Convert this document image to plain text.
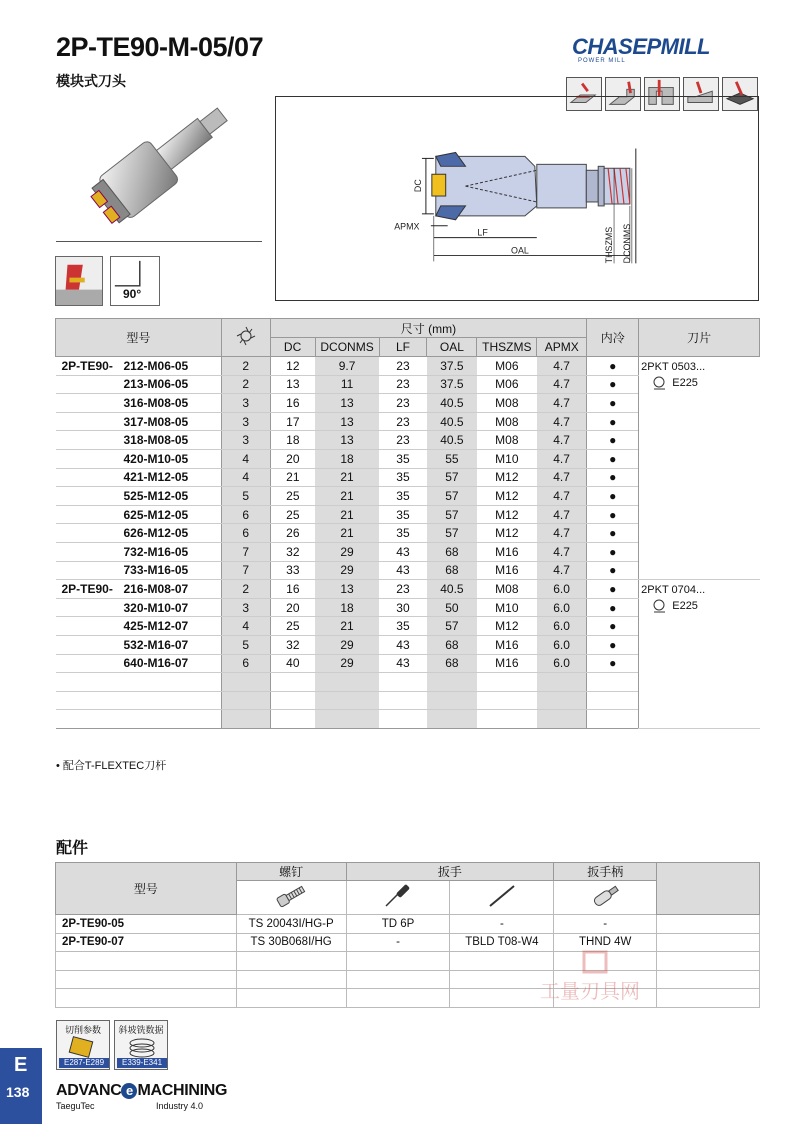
2P-TE90-M-05/07
模块式刀头
CHASEPMILL
POWER MILL
90°
DC
APMX
LF
OAL	THSZMS DCONMS
型号		尺寸 (mm)						内冷	刀片
		DC	DCONMS	LF	OAL	THSZMS	APMX		
2P-TE90- 212-M06-05	2	12	9.7	23	37.5	M06	4.7	●	2PKT 0503...
E225

213-M06-05	2	13	11	23	37.5	M06	4.7	●	
316-M08-05	3	16	13	23	40.5	M08	4.7	●	
317-M08-05	3	17	13	23	40.5	M08	4.7	●	
318-M08-05	3	18	13	23	40.5	M08	4.7	●	
420-M10-05	4	20	18	35	55	M10	4.7	●	
421-M12-05	4	21	21	35	57	M12	4.7	●	
525-M12-05	5	25	21	35	57	M12	4.7	●	
625-M12-05	6	25	21	35	57	M12	4.7	●	
626-M12-05	6	26	21	35	57	M12	4.7	●	
732-M16-05	7	32	29	43	68	M16	4.7	●	
733-M16-05	7	33	29	43	68	M16	4.7	●	
2P-TE90- 216-M08-07	2	16	13	23	40.5	M08	6.0	●	2PKT 0704...
E225

320-M10-07	3	20	18	30	50	M10	6.0	●	
425-M12-07	4	25	21	35	57	M12	6.0	●	
532-M16-07	5	32	29	43	68	M16	6.0	●	
640-M16-07	6	40	29	43	68	M16	6.0	●	

• 配合T-FLEXTEC刀杆
配件
型号	螺钉	扳手		扳手柄	

2P-TE90-05	TS 20043I/HG-P	TD 6P	-	-	
2P-TE90-07	TS 30B068I/HG	-	TBLD T08-W4	THND 4W	

工量刃具网
切削参数
E287-E289
斜坡铣数据
E339-E341
E
138 ADVANC e MACHINING
TaeguTec	Industry 4.0
